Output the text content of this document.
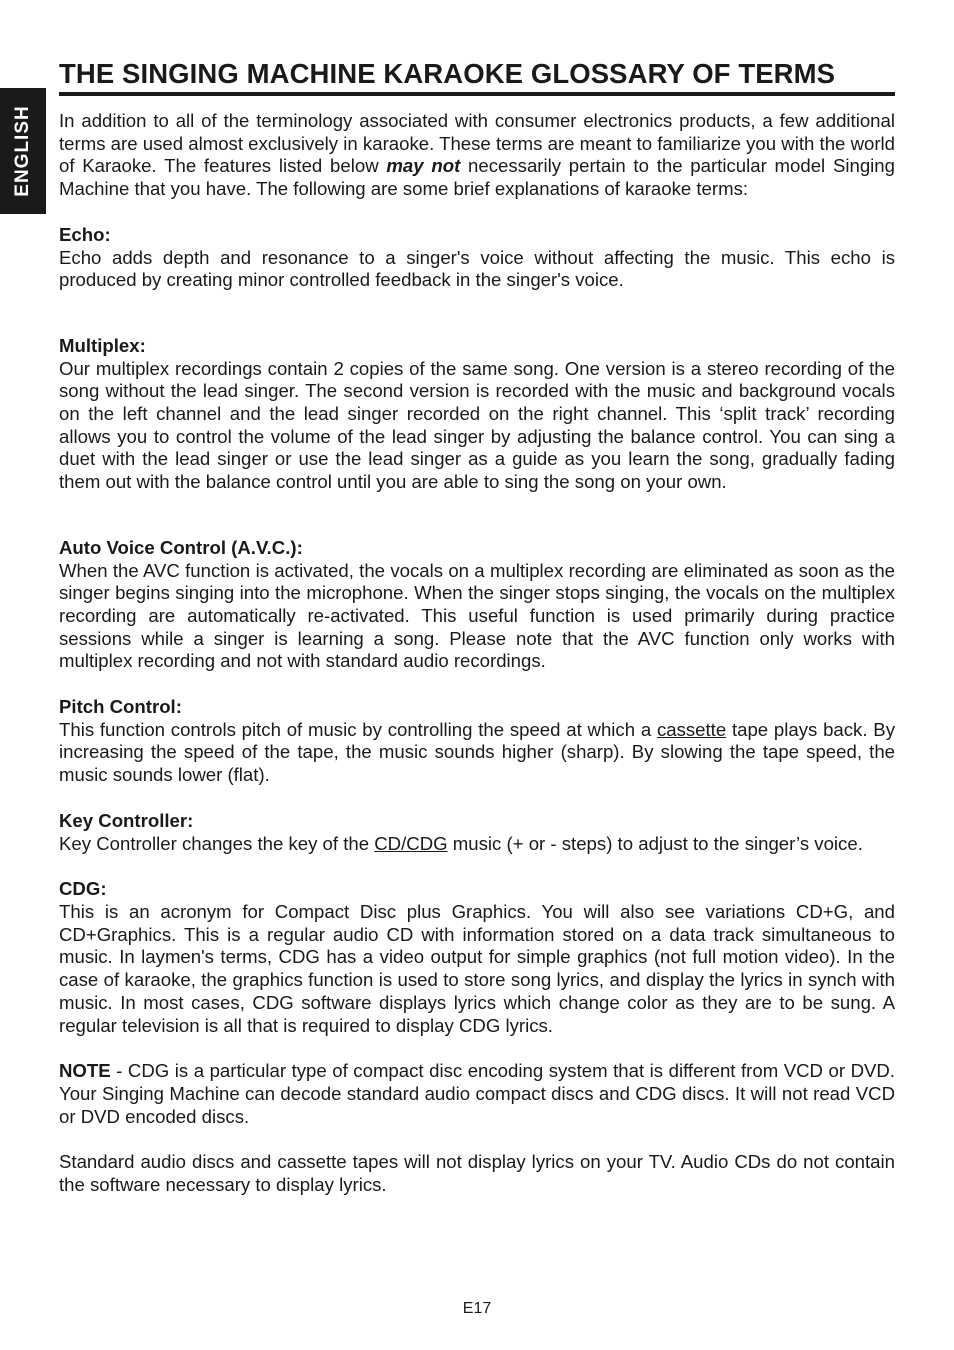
ENGLISH
THE SINGING MACHINE KARAOKE GLOSSARY OF TERMS

In addition to all of the terminology associated with consumer electronics products, a few additional terms are used almost exclusively in karaoke. These terms are meant to familiarize you with the world of Karaoke. The features listed below may not necessarily pertain to the particular model Singing Machine that you have. The following are some brief explanations of karaoke terms:

Echo:

Echo adds depth and resonance to a singer's voice without affecting the music. This echo is produced by creating minor controlled feedback in the singer's voice.

Multiplex:

Our multiplex recordings contain 2 copies of the same song. One version is a stereo recording of the song without the lead singer. The second version is recorded with the music and background vocals on the left channel and the lead singer recorded on the right channel. This ‘split track’ recording allows you to control the volume of the lead singer by adjusting the balance control. You can sing a duet with the lead singer or use the lead singer as a guide as you learn the song, gradually fading them out with the balance control until you are able to sing the song on your own.

Auto Voice Control (A.V.C.):

When the AVC function is activated, the vocals on a multiplex recording are eliminated as soon as the singer begins singing into the microphone. When the singer stops singing, the vocals on the multiplex recording are automatically re-activated. This useful function is used primarily during practice sessions while a singer is learning a song. Please note that the AVC function only works with multiplex recording and not with standard audio recordings.

Pitch Control:

This function controls pitch of music by controlling the speed at which a cassette tape plays back. By increasing the speed of the tape, the music sounds higher (sharp). By slowing the tape speed, the music sounds lower (flat).

Key Controller:

Key Controller changes the key of the CD/CDG music (+ or - steps) to adjust to the singer’s voice.

CDG:

This is an acronym for Compact Disc plus Graphics. You will also see variations CD+G, and CD+Graphics. This is a regular audio CD with information stored on a data track simultaneous to music. In laymen's terms, CDG has a video output for simple graphics (not full motion video). In the case of karaoke, the graphics function is used to store song lyrics, and display the lyrics in synch with music. In most cases, CDG software displays lyrics which change color as they are to be sung. A regular television is all that is required to display CDG lyrics.

NOTE - CDG is a particular type of compact disc encoding system that is different from VCD or DVD. Your Singing Machine can decode standard audio compact discs and CDG discs. It will not read VCD or DVD encoded discs.

Standard audio discs and cassette tapes will not display lyrics on your TV. Audio CDs do not contain the software necessary to display lyrics.

E17
